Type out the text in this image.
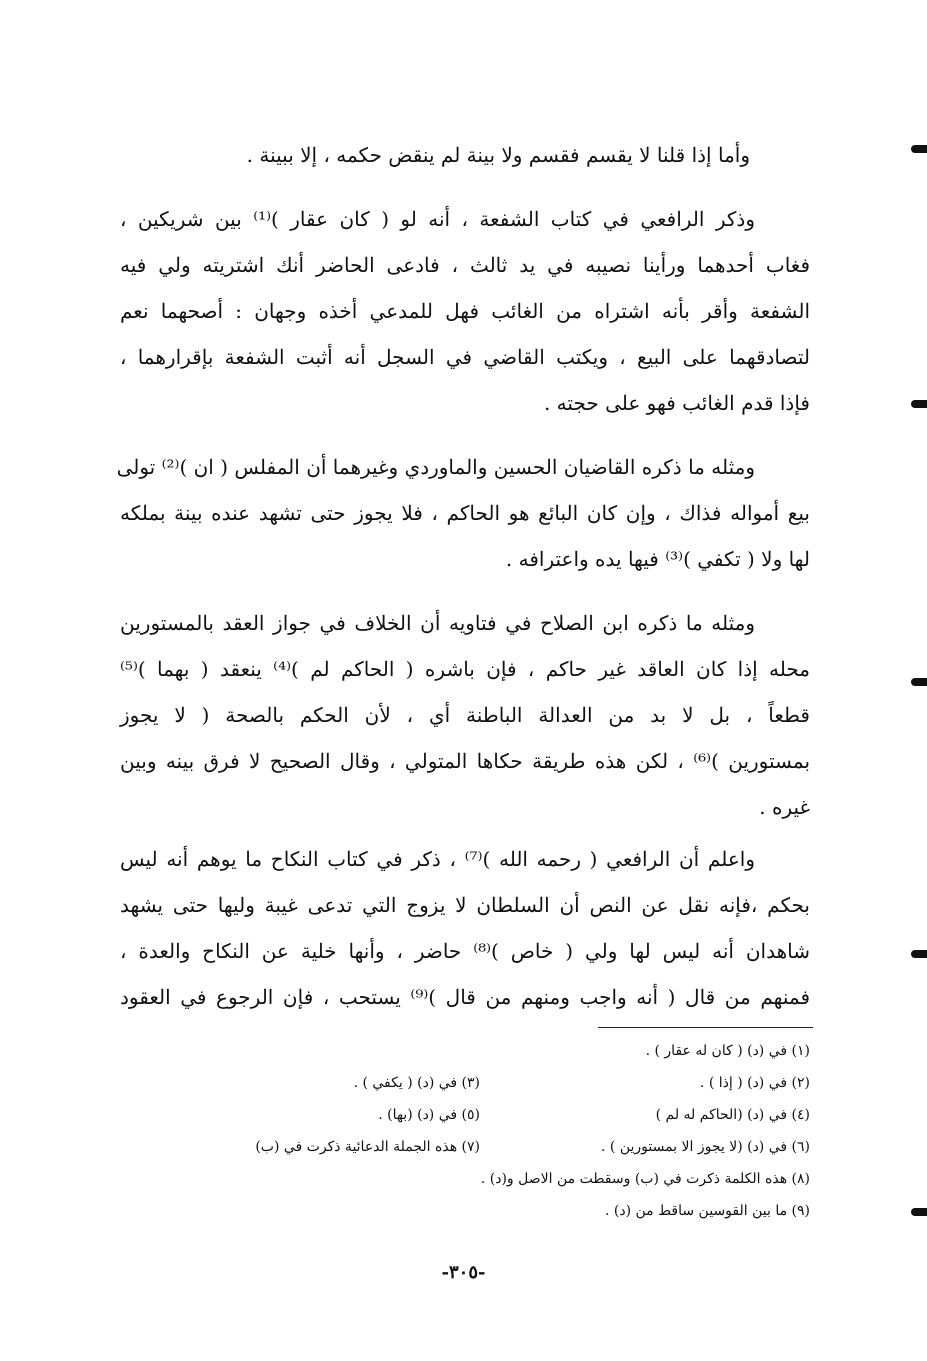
وأما إذا قلنا لا يقسم فقسم ولا بينة لم ينقض حكمه ، إلا ببينة .
وذكر الرافعي في كتاب الشفعة ، أنه لو ( كان عقار )⁽¹⁾ بين شريكين ،
فغاب أحدهما ورأينا نصيبه في يد ثالث ، فادعى الحاضر أنك اشتريته ولي فيه
الشفعة وأقر بأنه اشتراه من الغائب فهل للمدعي أخذه وجهان : أصحهما نعم
لتصادقهما على البيع ، ويكتب القاضي في السجل أنه أثبت الشفعة بإقرارهما ،
فإذا قدم الغائب فهو على حجته .
ومثله ما ذكره القاضيان الحسين والماوردي وغيرهما أن المفلس ( ان )⁽²⁾ تولى
بيع أمواله فذاك ، وإن كان البائع هو الحاكم ، فلا يجوز حتى تشهد عنده بينة بملكه
لها ولا ( تكفي )⁽³⁾ فيها يده واعترافه .
ومثله ما ذكره ابن الصلاح في فتاويه أن الخلاف في جواز العقد بالمستورين
محله إذا كان العاقد غير حاكم ، فإن باشره ( الحاكم لم )⁽⁴⁾ ينعقد ( بهما )⁽⁵⁾
قطعاً ، بل لا بد من العدالة الباطنة أي ، لأن الحكم بالصحة ( لا يجوز
بمستورين )⁽⁶⁾ ، لكن هذه طريقة حكاها المتولي ، وقال الصحيح لا فرق بينه وبين
غيره .
واعلم أن الرافعي ( رحمه الله )⁽⁷⁾ ، ذكر في كتاب النكاح ما يوهم أنه ليس
بحكم ،فإنه نقل عن النص أن السلطان لا يزوج التي تدعى غيبة وليها حتى يشهد
شاهدان أنه ليس لها ولي ( خاص )⁽⁸⁾ حاضر ، وأنها خلية عن النكاح والعدة ،
فمنهم من قال ( أنه واجب ومنهم من قال )⁽⁹⁾ يستحب ، فإن الرجوع في العقود
(١) في (د) ( كان له عقار ) .
(٢) في (د) ( إذا ) .
(٣) في (د) ( يكفي ) .
(٤) في (د) (الحاكم له لم )
(٥) في (د) (بها) .
(٦) في (د) (لا يجوز الا بمستورين ) .
(٧) هذه الجملة الدعائية ذكرت في (ب)
(٨) هذه الكلمة ذكرت في (ب) وسقطت من الاصل و(د) .
(٩) ما بين القوسين ساقط من (د) .
-٣٠٥-
